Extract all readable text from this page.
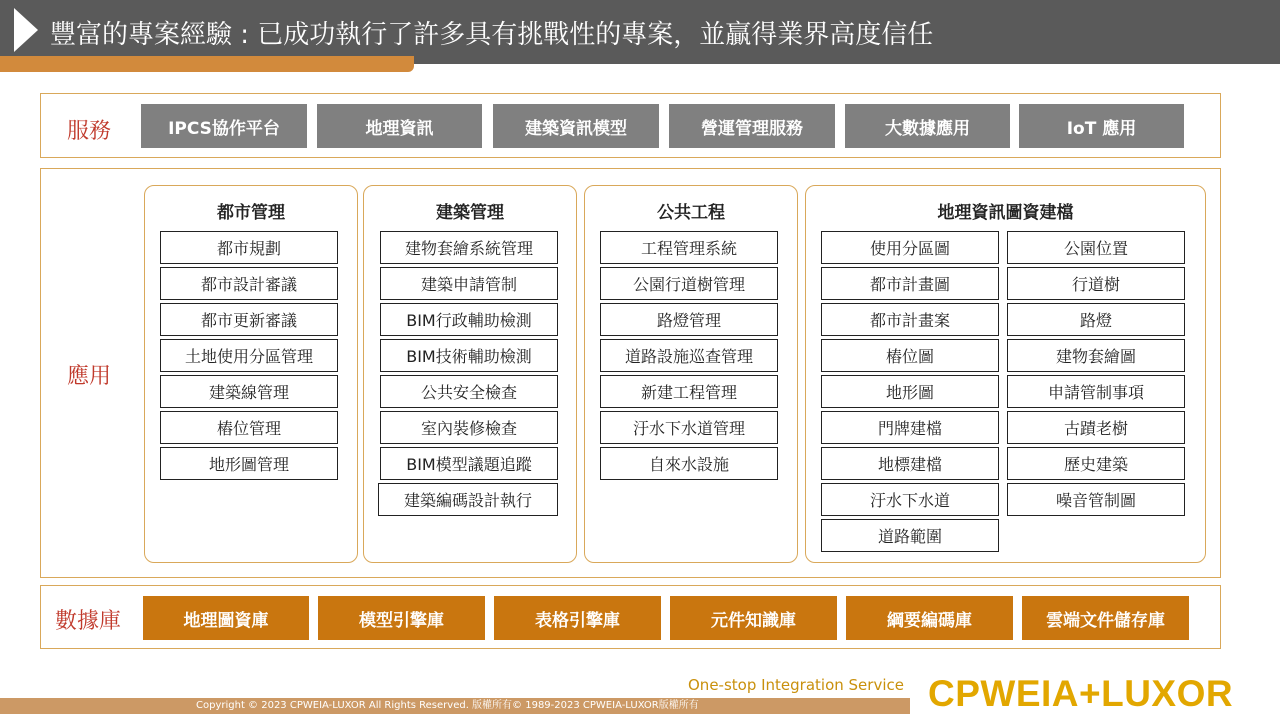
豐富的專案經驗 : 已成功執行了許多具有挑戰性的專案，並贏得業界高度信任
服務	IPCS協作平台	地理資訊	建築資訊模型	營運管理服務	大數據應用	IoT 應用
應用
都市管理
都市規劃
都市設計審議
都市更新審議
土地使用分區管理
建築線管理
樁位管理
地形圖管理
建築管理
建物套繪系統管理
建築申請管制
BIM行政輔助檢測
BIM技術輔助檢測
公共安全檢查
室內裝修檢查
BIM模型議題追蹤
建築編碼設計執行
公共工程
工程管理系統
公園行道樹管理
路燈管理
道路設施巡查管理
新建工程管理
汙水下水道管理
自來水設施
地理資訊圖資建檔
使用分區圖
都市計畫圖
都市計畫案
樁位圖
地形圖
門牌建檔
地標建檔
汙水下水道
道路範圍
公園位置
行道樹
路燈
建物套繪圖
申請管制事項
古蹟老樹
歷史建築
噪音管制圖
數據庫	地理圖資庫	模型引擎庫	表格引擎庫	元件知識庫	綱要編碼庫	雲端文件儲存庫
One-stop Integration Service
Copyright © 2023 CPWEIA-LUXOR All Rights Reserved. 版權所有© 1989-2023 CPWEIA-LUXOR版權所有	CPWEIA+LUXOR
